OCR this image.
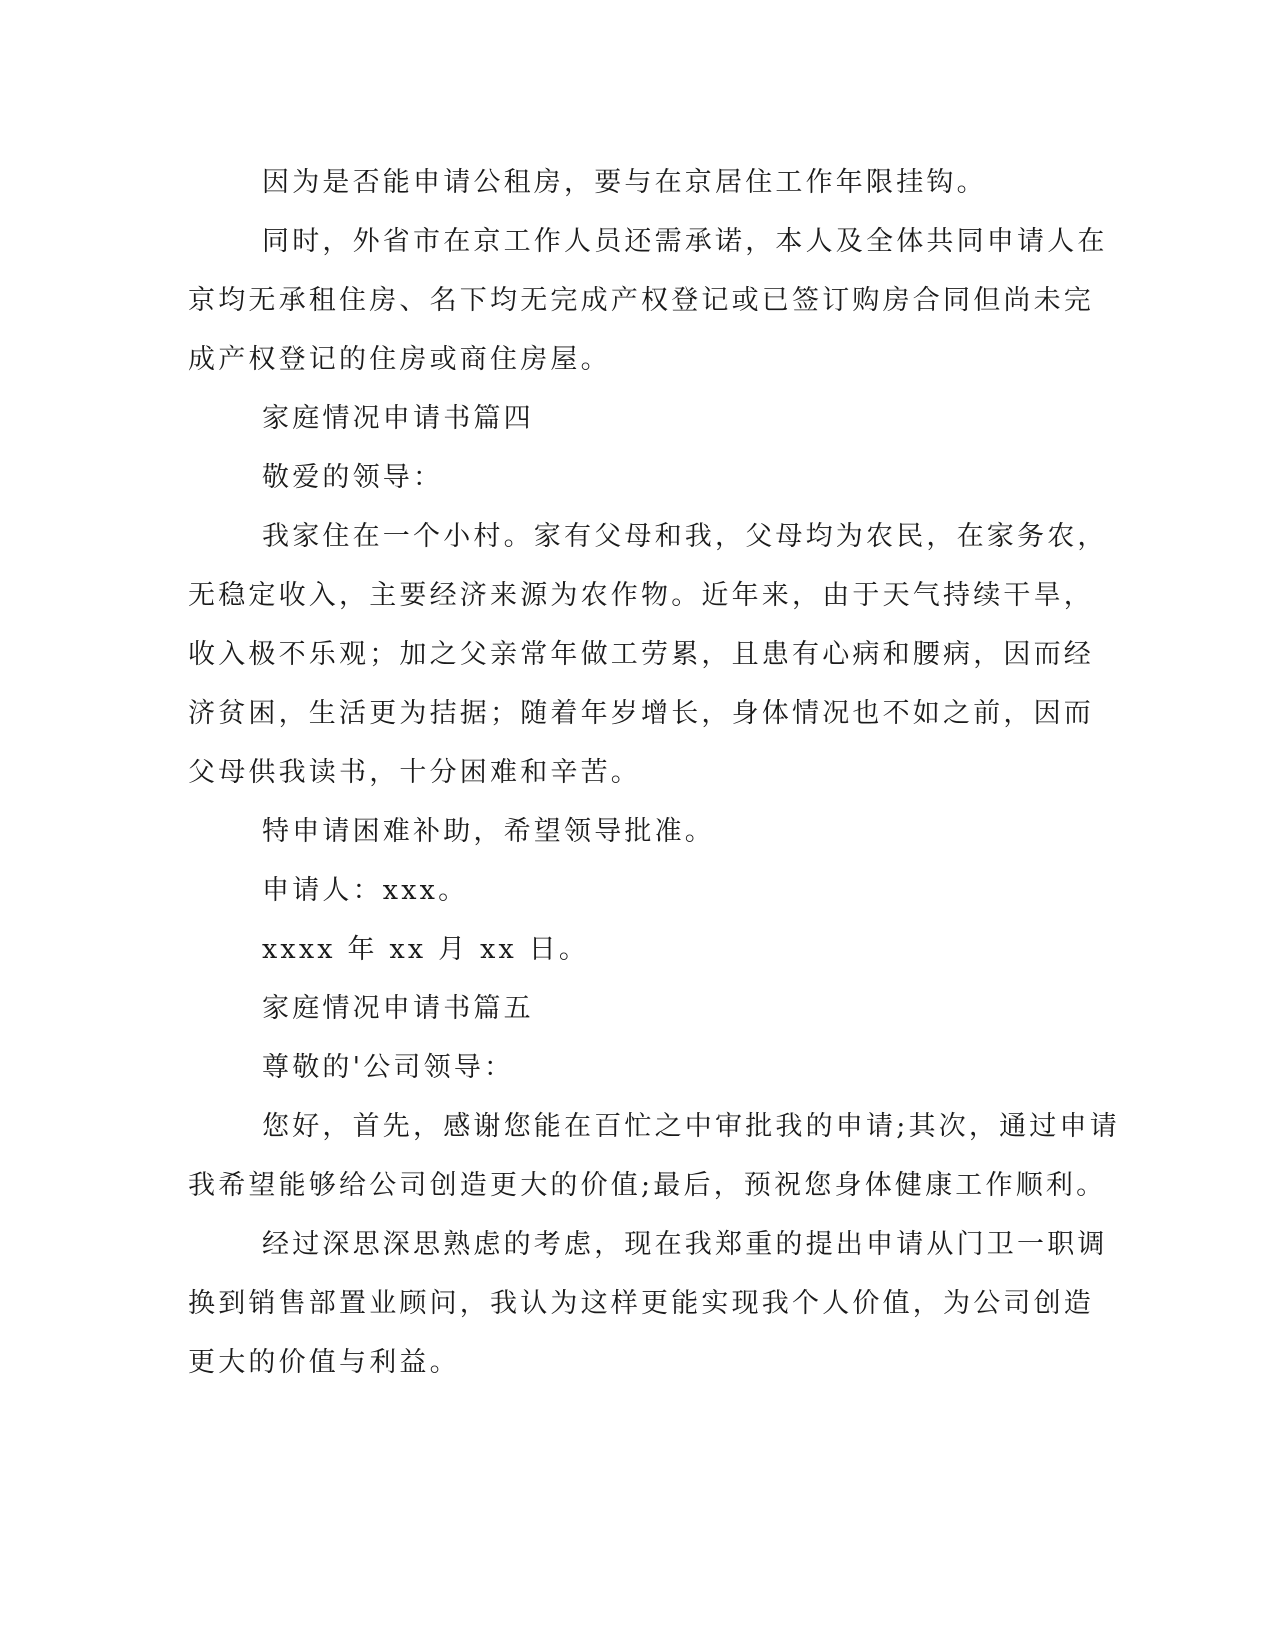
因为是否能申请公租房，要与在京居住工作年限挂钩。
同时，外省市在京工作人员还需承诺，本人及全体共同申请人在
京均无承租住房、名下均无完成产权登记或已签订购房合同但尚未完
成产权登记的住房或商住房屋。
家庭情况申请书篇四
敬爱的领导：
我家住在一个小村。家有父母和我，父母均为农民，在家务农，
无稳定收入，主要经济来源为农作物。近年来，由于天气持续干旱，
收入极不乐观；加之父亲常年做工劳累，且患有心病和腰病，因而经
济贫困，生活更为拮据；随着年岁增长，身体情况也不如之前，因而
父母供我读书，十分困难和辛苦。
特申请困难补助，希望领导批准。
申请人：xxx。
xxxx 年 xx 月 xx 日。
家庭情况申请书篇五
尊敬的'公司领导：
您好，首先，感谢您能在百忙之中审批我的申请;其次，通过申请
我希望能够给公司创造更大的价值;最后，预祝您身体健康工作顺利。
经过深思深思熟虑的考虑，现在我郑重的提出申请从门卫一职调
换到销售部置业顾问，我认为这样更能实现我个人价值，为公司创造
更大的价值与利益。
